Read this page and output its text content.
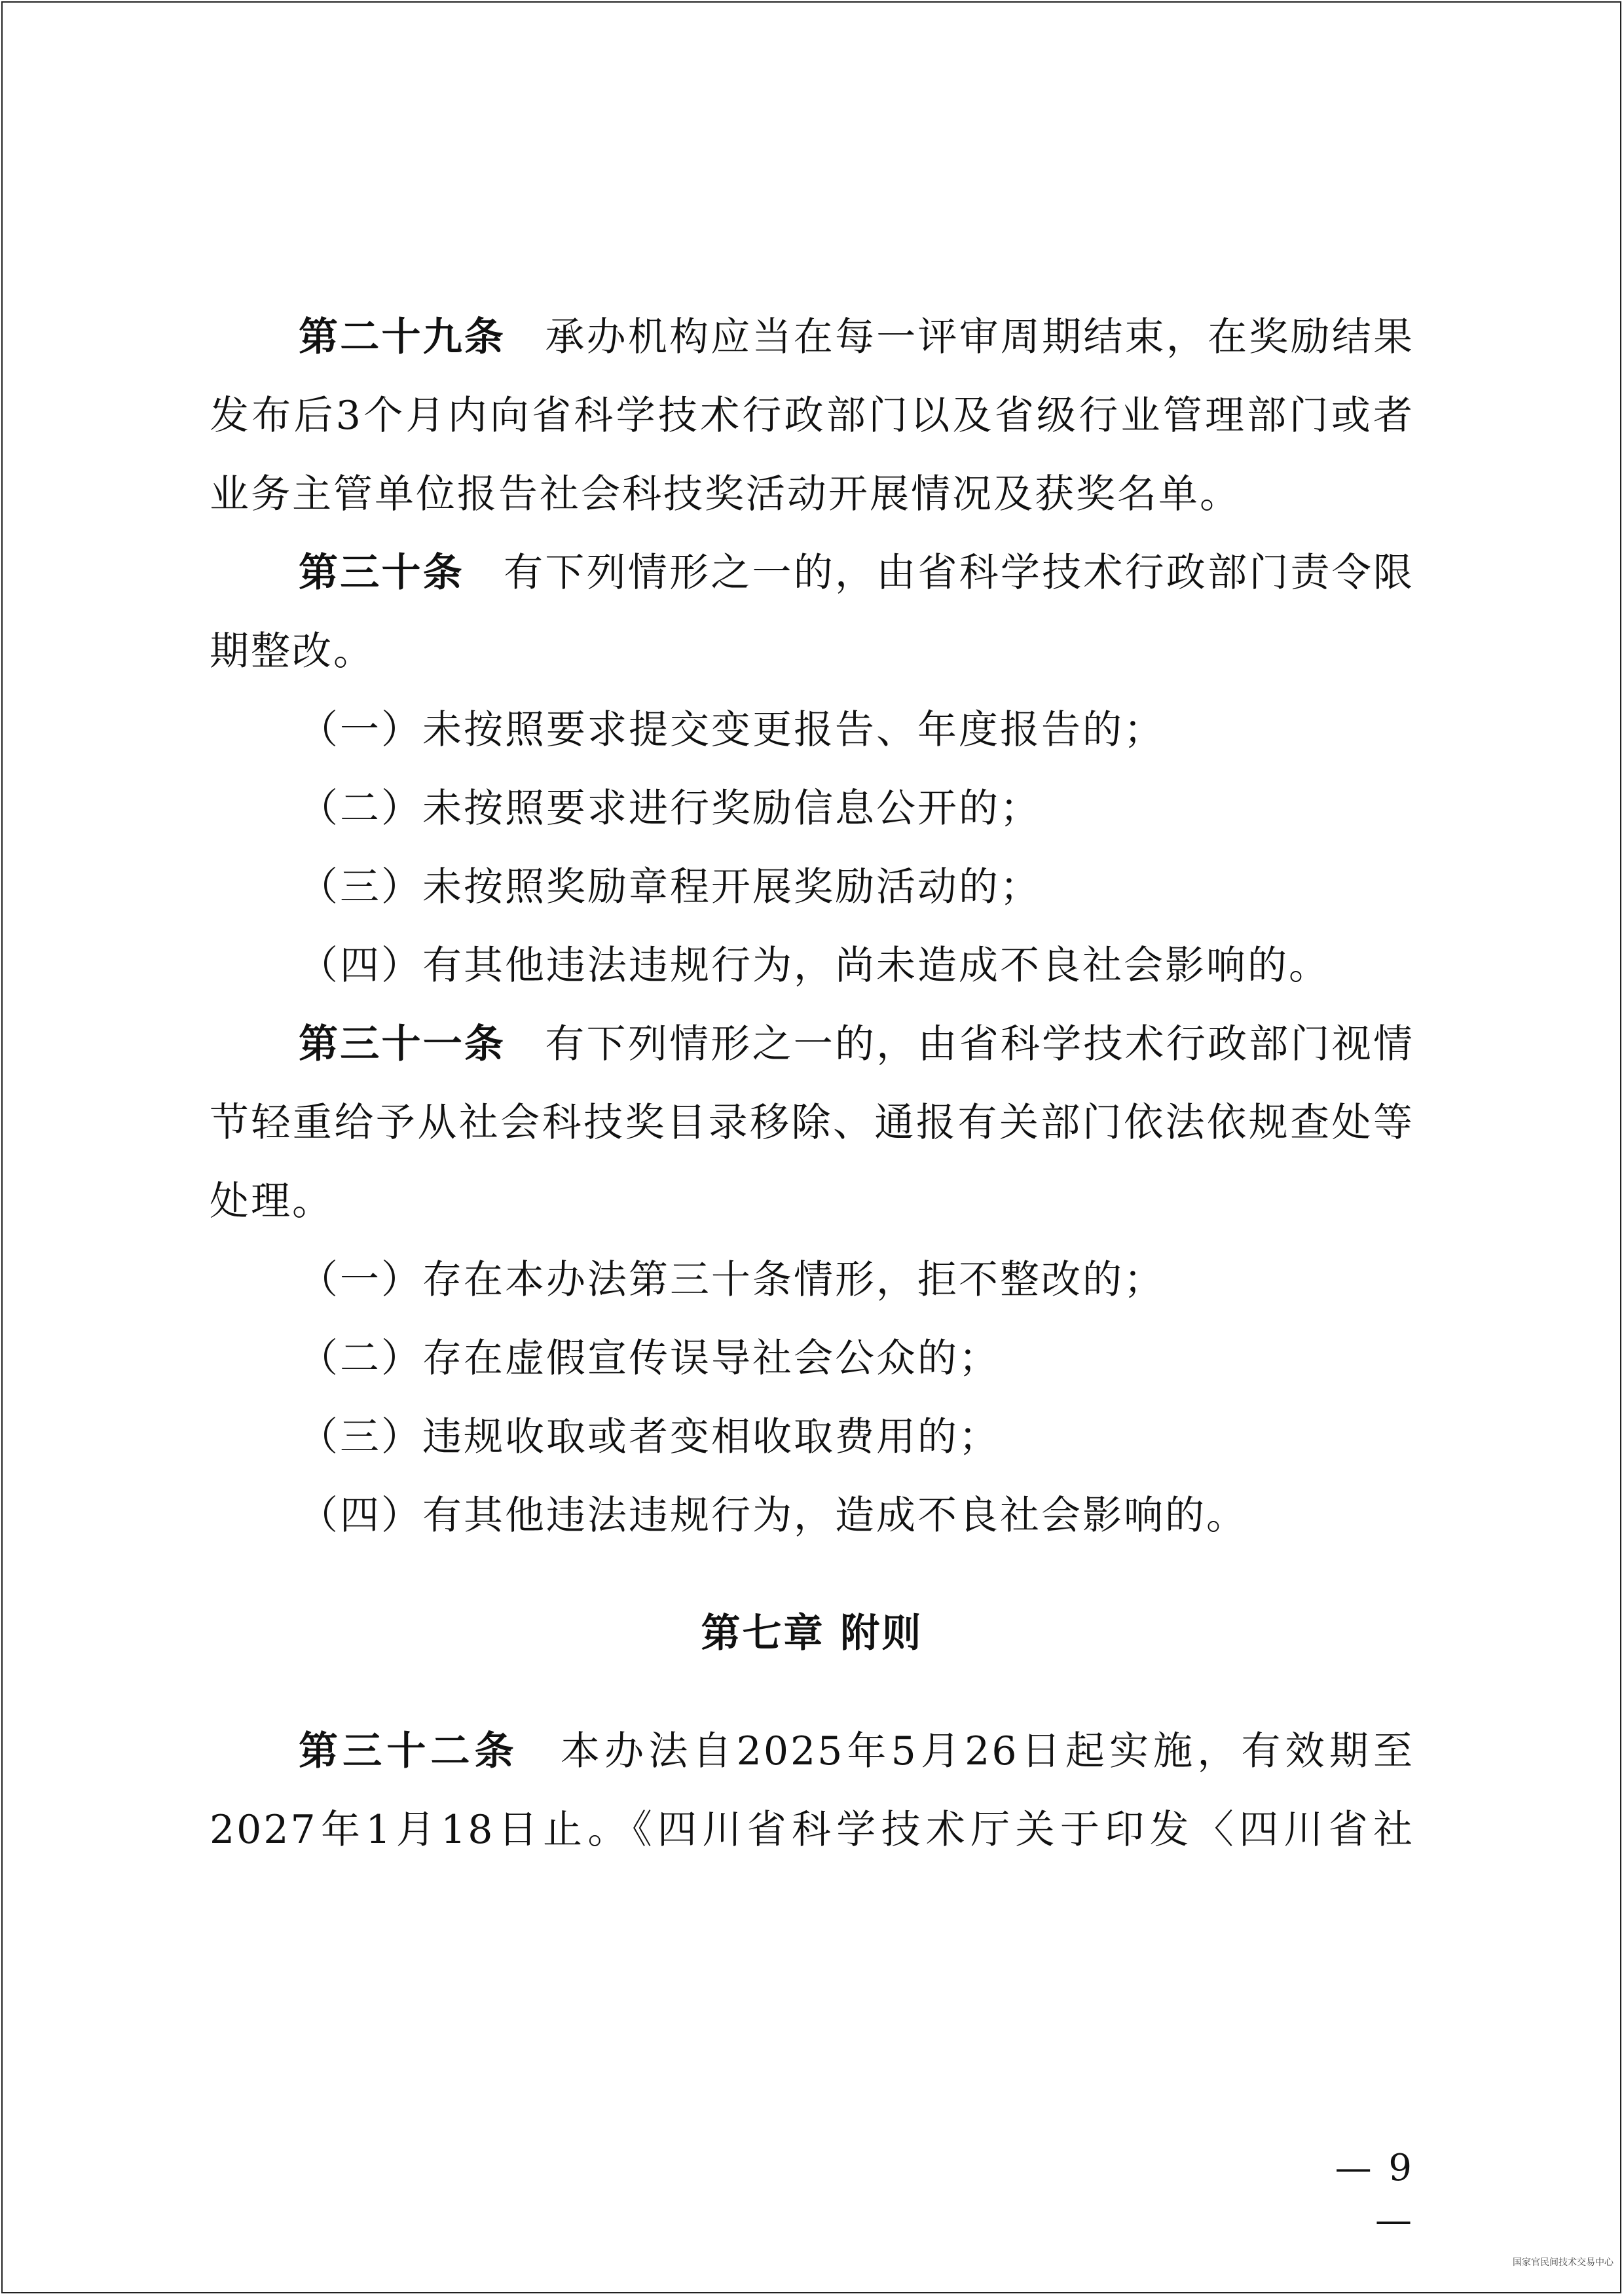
第二十九条 承办机构应当在每一评审周期结束，在奖励结果发布后3个月内向省科学技术行政部门以及省级行业管理部门或者业务主管单位报告社会科技奖活动开展情况及获奖名单。

第三十条 有下列情形之一的，由省科学技术行政部门责令限期整改。

（一）未按照要求提交变更报告、年度报告的；

（二）未按照要求进行奖励信息公开的；

（三）未按照奖励章程开展奖励活动的；

（四）有其他违法违规行为，尚未造成不良社会影响的。

第三十一条 有下列情形之一的，由省科学技术行政部门视情节轻重给予从社会科技奖目录移除、通报有关部门依法依规查处等处理。

（一）存在本办法第三十条情形，拒不整改的；

（二）存在虚假宣传误导社会公众的；

（三）违规收取或者变相收取费用的；

（四）有其他违法违规行为，造成不良社会影响的。

第七章 附则

第三十二条 本办法自2025年5月26日起实施，有效期至2027年1月18日止。《四川省科学技术厅关于印发〈四川省社

— 9 —
国家官民间技术交易中心
